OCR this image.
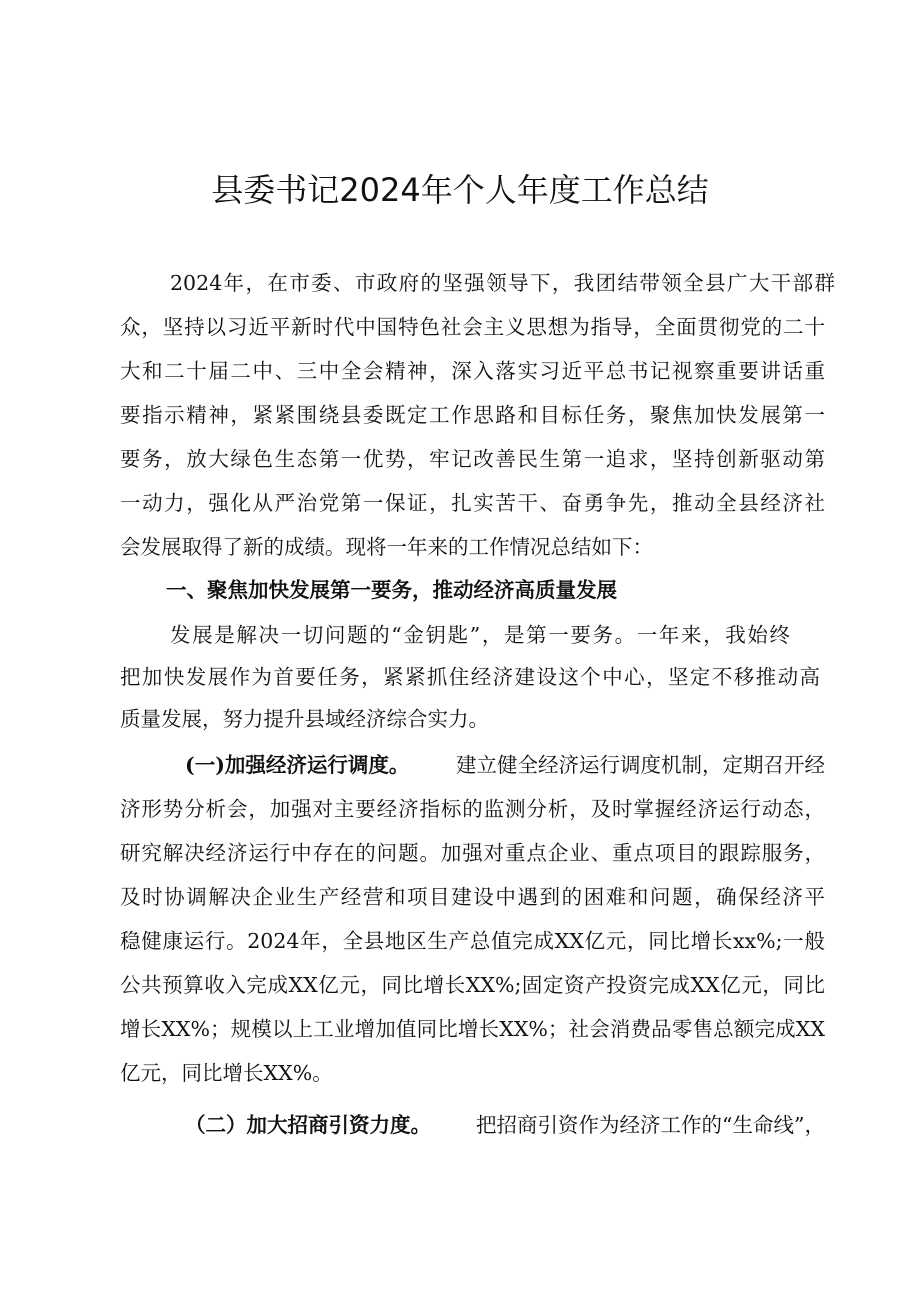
县委书记2024年个人年度工作总结
2024年，在市委、市政府的坚强领导下，我团结带领全县广大干部群
众，坚持以习近平新时代中国特色社会主义思想为指导，全面贯彻党的二十
大和二十届二中、三中全会精神，深入落实习近平总书记视察重要讲话重
要指示精神，紧紧围绕县委既定工作思路和目标任务，聚焦加快发展第一
要务，放大绿色生态第一优势，牢记改善民生第一追求，坚持创新驱动第
一动力，强化从严治党第一保证，扎实苦干、奋勇争先，推动全县经济社
会发展取得了新的成绩。现将一年来的工作情况总结如下：
一、聚焦加快发展第一要务，推动经济高质量发展
发展是解决一切问题的“金钥匙”，是第一要务。一年来，我始终
把加快发展作为首要任务，紧紧抓住经济建设这个中心，坚定不移推动高
质量发展，努力提升县域经济综合实力。
(一)加强经济运行调度。 建立健全经济运行调度机制，定期召开经
济形势分析会，加强对主要经济指标的监测分析，及时掌握经济运行动态，
研究解决经济运行中存在的问题。加强对重点企业、重点项目的跟踪服务，
及时协调解决企业生产经营和项目建设中遇到的困难和问题，确保经济平
稳健康运行。2024年，全县地区生产总值完成XX亿元，同比增长xx%;一般
公共预算收入完成XX亿元，同比增长XX%;固定资产投资完成XX亿元，同比
增长XX%；规模以上工业增加值同比增长XX%；社会消费品零售总额完成XX
亿元，同比增长XX%。
（二）加大招商引资力度。 把招商引资作为经济工作的“生命线”，
